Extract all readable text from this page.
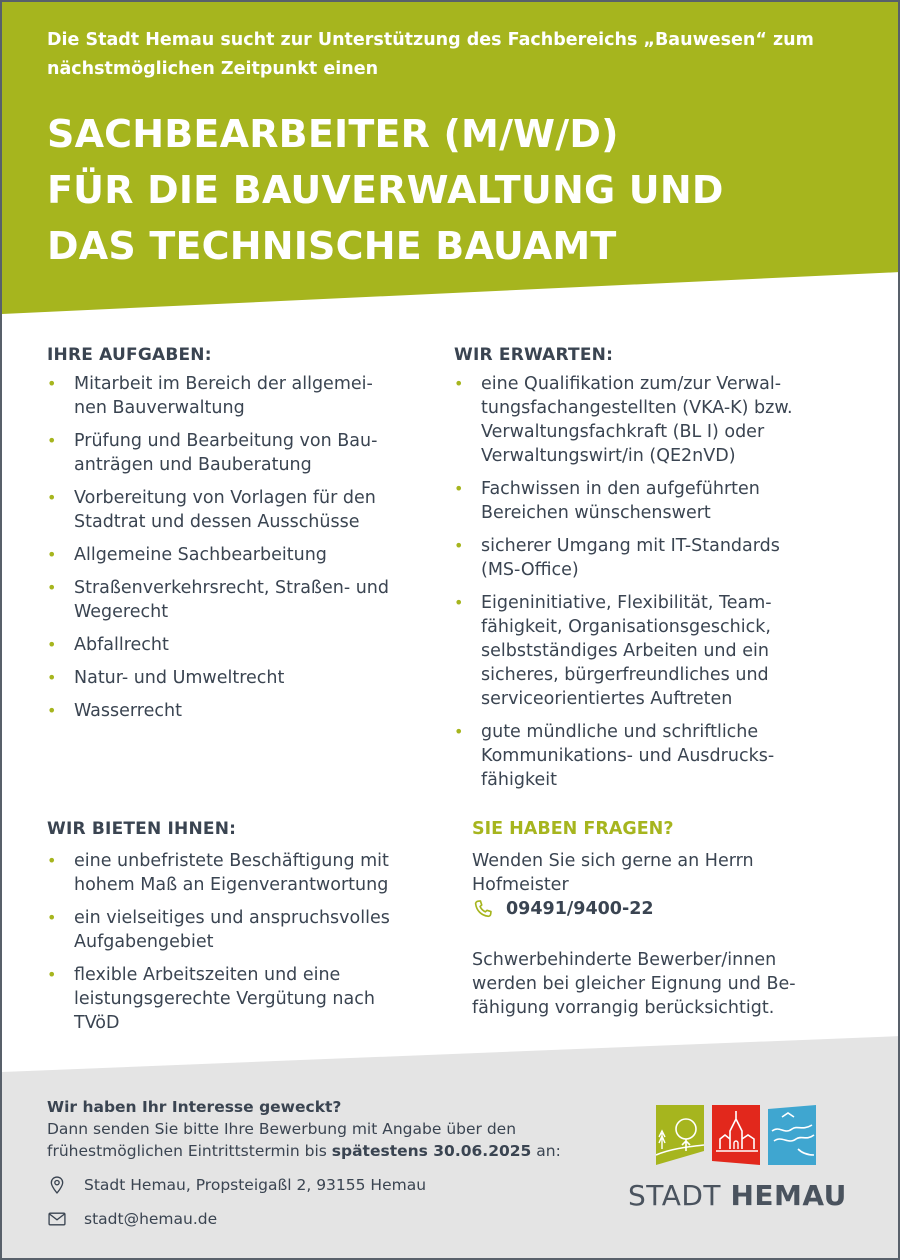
Die Stadt Hemau sucht zur Unterstützung des Fachbereichs „Bauwesen“ zum
nächstmöglichen Zeitpunkt einen
SACHBEARBEITER (M/W/D)
FÜR DIE BAUVERWALTUNG UND
DAS TECHNISCHE BAUAMT
IHRE AUFGABEN:
• Mitarbeit im Bereich der allgemei-
nen Bauverwaltung
• Prüfung und Bearbeitung von Bau-
anträgen und Bauberatung
• Vorbereitung von Vorlagen für den
Stadtrat und dessen Ausschüsse
• Allgemeine Sachbearbeitung
• Straßenverkehrsrecht, Straßen- und
Wegerecht
• Abfallrecht
• Natur- und Umweltrecht
• Wasserrecht
WIR ERWARTEN:
• eine Qualifikation zum/zur Verwal-
tungsfachangestellten (VKA-K) bzw.
Verwaltungsfachkraft (BL I) oder
Verwaltungswirt/in (QE2nVD)
• Fachwissen in den aufgeführten
Bereichen wünschenswert
• sicherer Umgang mit IT-Standards
(MS-Office)
• Eigeninitiative, Flexibilität, Team-
fähigkeit, Organisationsgeschick,
selbstständiges Arbeiten und ein
sicheres, bürgerfreundliches und
serviceorientiertes Auftreten
• gute mündliche und schriftliche
Kommunikations- und Ausdrucks-
fähigkeit
WIR BIETEN IHNEN:
• eine unbefristete Beschäftigung mit
hohem Maß an Eigenverantwortung
• ein vielseitiges und anspruchsvolles
Aufgabengebiet
• flexible Arbeitszeiten und eine
leistungsgerechte Vergütung nach
TVöD
SIE HABEN FRAGEN?

Wenden Sie sich gerne an Herrn

Hofmeister

09491/9400-22

Schwerbehinderte Bewerber/innen

werden bei gleicher Eignung und Be-

fähigung vorrangig berücksichtigt.

Wir haben Ihr Interesse geweckt?
Dann senden Sie bitte Ihre Bewerbung mit Angabe über den
frühestmöglichen Eintrittstermin bis spätestens 30.06.2025 an:
Stadt Hemau, Propsteigaßl 2, 93155 Hemau
stadt@hemau.de
STADT HEMAU
